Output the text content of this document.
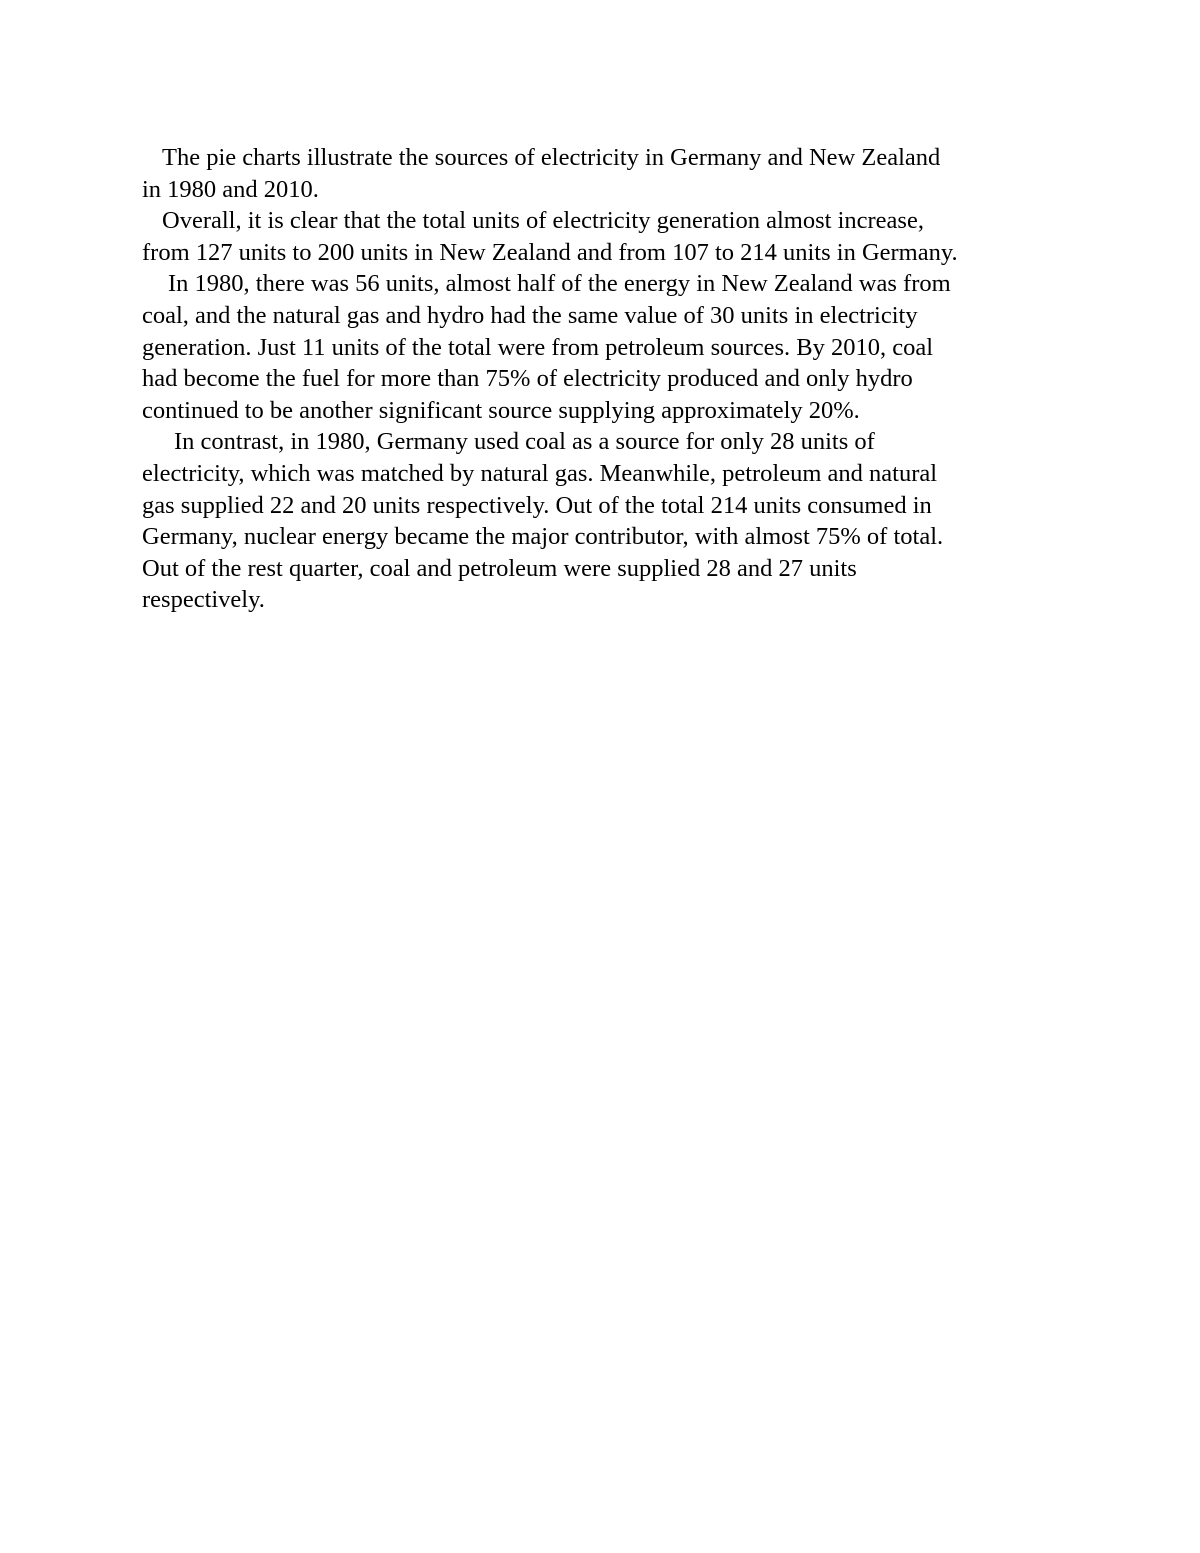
The pie charts illustrate the sources of electricity in Germany and New Zealand
in 1980 and 2010.
Overall, it is clear that the total units of electricity generation almost increase,
from 127 units to 200 units in New Zealand and from 107 to 214 units in Germany.
In 1980, there was 56 units, almost half of the energy in New Zealand was from
coal, and the natural gas and hydro had the same value of 30 units in electricity
generation. Just 11 units of the total were from petroleum sources. By 2010, coal
had become the fuel for more than 75% of electricity produced and only hydro
continued to be another significant source supplying approximately 20%.
In contrast, in 1980, Germany used coal as a source for only 28 units of
electricity, which was matched by natural gas. Meanwhile, petroleum and natural
gas supplied 22 and 20 units respectively. Out of the total 214 units consumed in
Germany, nuclear energy became the major contributor, with almost 75% of total.
Out of the rest quarter, coal and petroleum were supplied 28 and 27 units
respectively.
